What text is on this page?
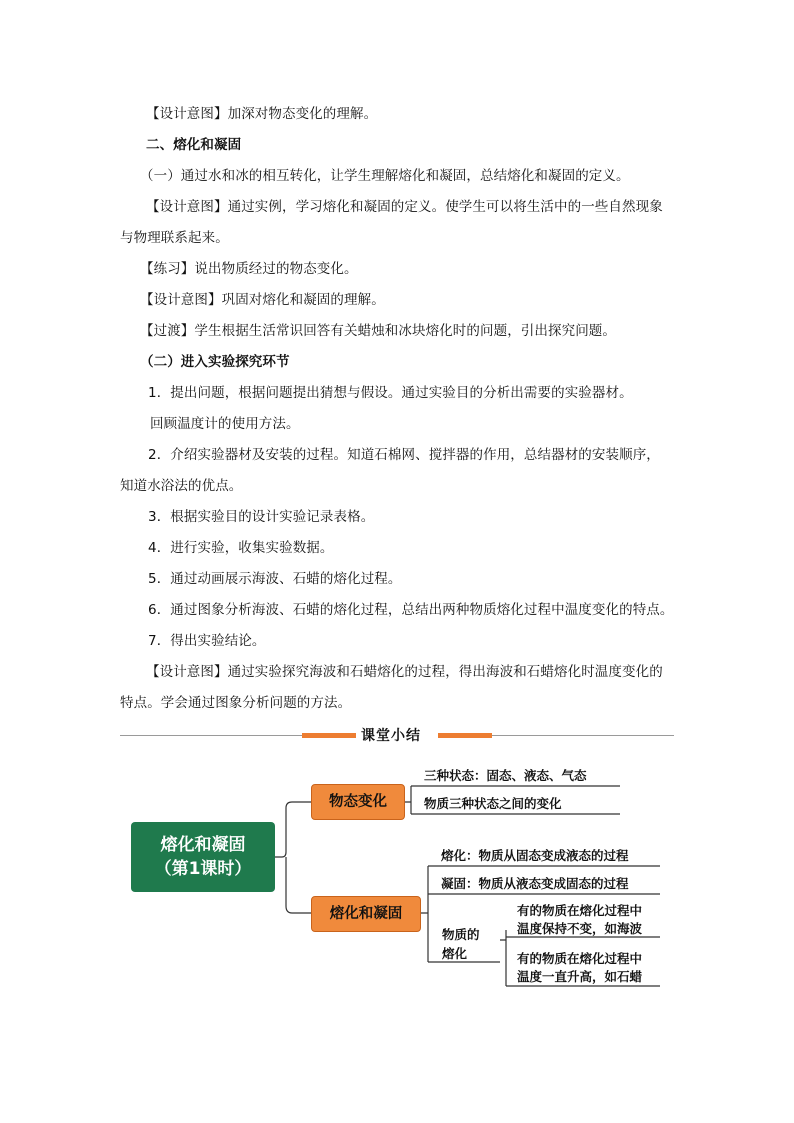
【设计意图】加深对物态变化的理解。
二、熔化和凝固
（一）通过水和冰的相互转化，让学生理解熔化和凝固，总结熔化和凝固的定义。
【设计意图】通过实例，学习熔化和凝固的定义。使学生可以将生活中的一些自然现象
与物理联系起来。
【练习】说出物质经过的物态变化。
【设计意图】巩固对熔化和凝固的理解。
【过渡】学生根据生活常识回答有关蜡烛和冰块熔化时的问题，引出探究问题。
（二）进入实验探究环节
1．提出问题，根据问题提出猜想与假设。通过实验目的分析出需要的实验器材。
回顾温度计的使用方法。
2．介绍实验器材及安装的过程。知道石棉网、搅拌器的作用，总结器材的安装顺序，
知道水浴法的优点。
3．根据实验目的设计实验记录表格。
4．进行实验，收集实验数据。
5．通过动画展示海波、石蜡的熔化过程。
6．通过图象分析海波、石蜡的熔化过程，总结出两种物质熔化过程中温度变化的特点。
7．得出实验结论。
【设计意图】通过实验探究海波和石蜡熔化的过程，得出海波和石蜡熔化时温度变化的
特点。学会通过图象分析问题的方法。
课堂小结
熔化和凝固
（第1课时）
物态变化
熔化和凝固
三种状态：固态、液态、气态
物质三种状态之间的变化
熔化：物质从固态变成液态的过程
凝固：物质从液态变成固态的过程
物质的
熔化
有的物质在熔化过程中
温度保持不变，如海波
有的物质在熔化过程中
温度一直升高，如石蜡
